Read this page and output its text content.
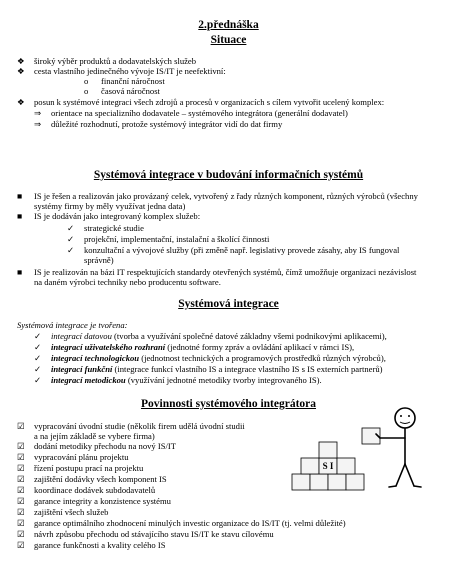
2.přednáška
Situace
❖ široký výběr produktů a dodavatelských služeb
❖ cesta vlastního jedinečného vývoje IS/IT je neefektivní:
o finanční náročnost
o časová náročnost
❖ posun k systémové integraci všech zdrojů a procesů v organizacích s cílem vytvořit ucelený komplex:
⇒ orientace na specializního dodavatele – systémového integrátora (generální dodavatel)
⇒ důležité rozhodnutí, protože systémový integrátor vidí do dat firmy
Systémová integrace v budování informačních systémů
■ IS je řešen a realizován jako provázaný celek, vytvořený z řady různých komponent, různých výrobců (všechny
systémy firmy by měly využívat jedna data)
■ IS je dodáván jako integrovaný komplex služeb:
✓ strategické studie
✓ projekční, implementační, instalační a školící činnosti
✓ konzultační a vývojové služby (při změně např. legislativy provede zásahy, aby IS fungoval
správně)
■ IS je realizován na bázi IT respektujících standardy otevřených systémů, čímž umožňuje organizaci nezávislost
na daném výrobci techniky nebo producentu software.
Systémová integrace
Systémová integrace je tvořena:
✓ integrací datovou (tvorba a využívání společné datové základny všemi podnikovými aplikacemi),
✓ integrací uživatelského rozhraní (jednotné formy zpráv a ovládání aplikací v rámci IS),
✓ integrací technologickou (jednotnost technických a programových prostředků různých výrobců),
✓ integrací funkční (integrace funkcí vlastního IS a integrace vlastního IS s IS externích partnerů)
✓ integrací metodickou (využívání jednotné metodiky tvorby integrovaného IS).
Povinnosti systémového integrátora
☑ vypracování úvodní studie (několik firem udělá úvodní studii
a na jejím základě se vybere firma)
☑ dodání metodiky přechodu na nový IS/IT
☑ vypracování plánu projektu
☑ řízení postupu prací na projektu
☑ zajištění dodávky všech komponent IS
☑ koordinace dodávek subdodavatelů
☑ garance integrity a konzistence systému
☑ zajištění všech služeb
☑ garance optimálního zhodnocení minulých investic organizace do IS/IT (tj. velmi důležité)
☑ návrh způsobu přechodu od stávajícího stavu IS/IT ke stavu cílovému
☑ garance funkčnosti a kvality celého IS
S I
